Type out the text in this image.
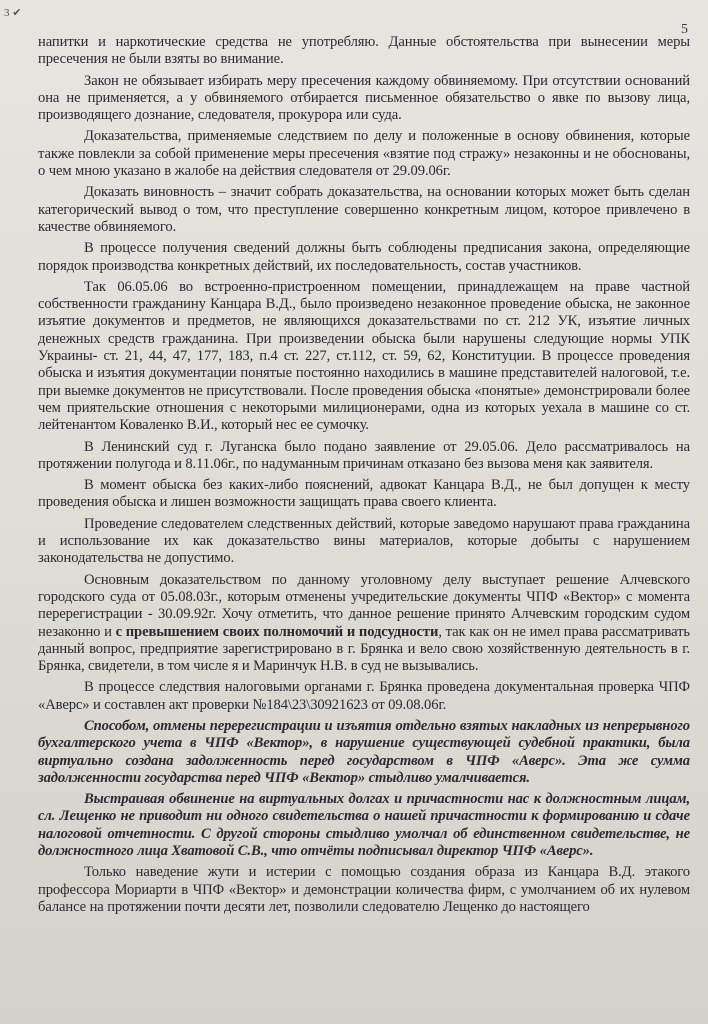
3 ✔
5

напитки и наркотические средства не употребляю. Данные обстоятельства при вынесении меры пресечения не были взяты во внимание.

Закон не обязывает избирать меру пресечения каждому обвиняемому. При отсутствии оснований она не применяется, а у обвиняемого отбирается письменное обязательство о явке по вызову лица, производящего дознание, следователя, прокурора или суда.

Доказательства, применяемые следствием по делу и положенные в основу обвинения, которые также повлекли за собой применение меры пресечения «взятие под стражу» незаконны и не обоснованы, о чем мною указано в жалобе на действия следователя от 29.09.06г.

Доказать виновность – значит собрать доказательства, на основании которых может быть сделан категорический вывод о том, что преступление совершенно конкретным лицом, которое привлечено в качестве обвиняемого.

В процессе получения сведений должны быть соблюдены предписания закона, определяющие порядок производства конкретных действий, их последовательность, состав участников.

Так 06.05.06 во встроенно-пристроенном помещении, принадлежащем на праве частной собственности гражданину Канцара В.Д., было произведено незаконное проведение обыска, не законное изъятие документов и предметов, не являющихся доказательствами по ст. 212 УК, изъятие личных денежных средств гражданина. При произведении обыска были нарушены следующие нормы УПК Украины- ст. 21, 44, 47, 177, 183, п.4 ст. 227, ст.112, ст. 59, 62, Конституции. В процессе проведения обыска и изъятия документации понятые постоянно находились в машине представителей налоговой, т.е. при выемке документов не присутствовали. После проведения обыска «понятые» демонстрировали более чем приятельские отношения с некоторыми милиционерами, одна из которых уехала в машине со ст. лейтенантом Коваленко В.И., который нес ее сумочку.

В Ленинский суд г. Луганска было подано заявление от 29.05.06. Дело рассматривалось на протяжении полугода и 8.11.06г., по надуманным причинам отказано без вызова меня как заявителя.

В момент обыска без каких-либо пояснений, адвокат Канцара В.Д., не был допущен к месту проведения обыска и лишен возможности защищать права своего клиента.

Проведение следователем следственных действий, которые заведомо нарушают права гражданина и использование их как доказательство вины материалов, которые добыты с нарушением законодательства не допустимо.

Основным доказательством по данному уголовному делу выступает решение Алчевского городского суда от 05.08.03г., которым отменены учредительские документы ЧПФ «Вектор» с момента перерегистрации - 30.09.92г. Хочу отметить, что данное решение принято Алчевским городским судом незаконно и с превышением своих полномочий и подсудности, так как он не имел права рассматривать данный вопрос, предприятие зарегистрировано в г. Брянка и вело свою хозяйственную деятельность в г. Брянка, свидетели, в том числе я и Маринчук Н.В. в суд не вызывались.

В процессе следствия налоговыми органами г. Брянка проведена документальная проверка ЧПФ «Аверс» и составлен акт проверки №184\23\30921623 от 09.08.06г.

Способом, отмены перерегистрации и изъятия отдельно взятых накладных из непрерывного бухгалтерского учета в ЧПФ «Вектор», в нарушение существующей судебной практики, была виртуально создана задолженность перед государством в ЧПФ «Аверс». Эта же сумма задолженности государства перед ЧПФ «Вектор» стыдливо умалчивается.

Выстраивая обвинение на виртуальных долгах и причастности нас к должностным лицам, сл. Лещенко не приводит ни одного свидетельства о нашей причастности к формированию и сдаче налоговой отчетности. С другой стороны стыдливо умолчал об единственном свидетельстве, не должностного лица Хватовой С.В., что отчёты подписывал директор ЧПФ «Аверс».

Только наведение жути и истерии с помощью создания образа из Канцара В.Д. этакого профессора Мориарти в ЧПФ «Вектор» и демонстрации количества фирм, с умолчанием об их нулевом балансе на протяжении почти десяти лет, позволили следователю Лещенко до настоящего
